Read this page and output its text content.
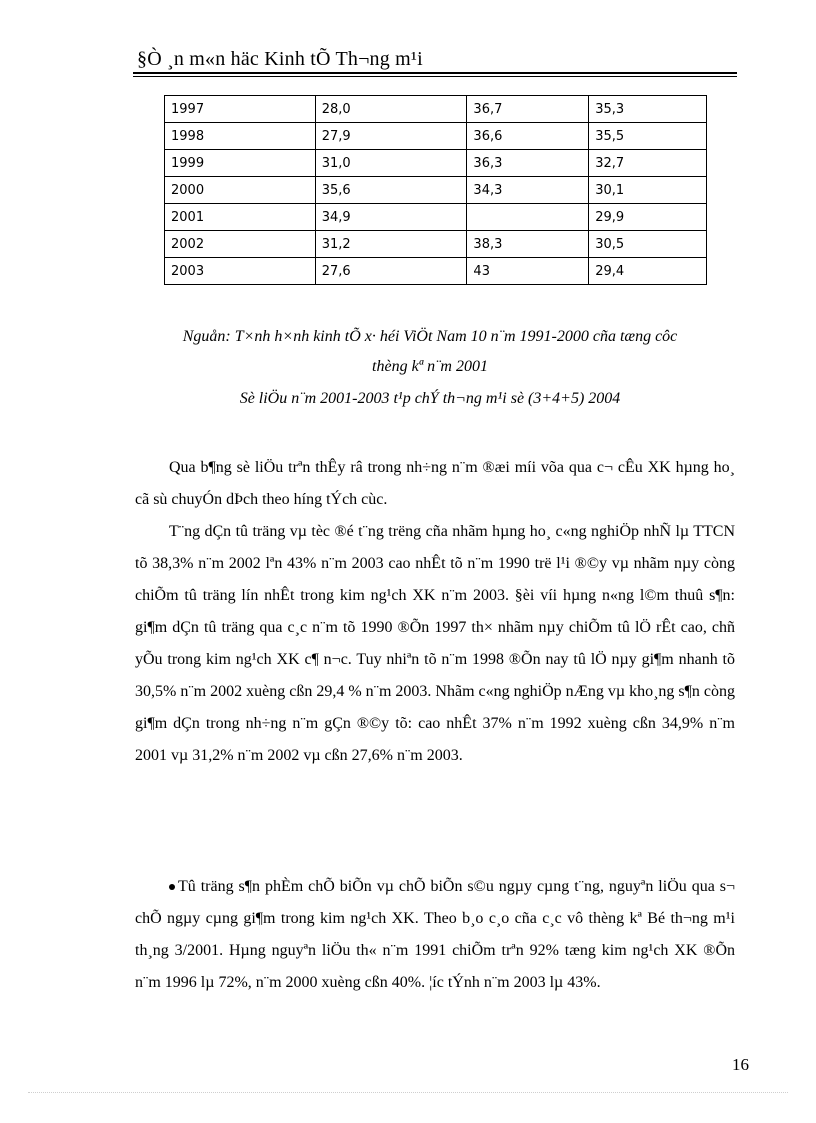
§Ò ¸n m«n häc Kinh tÕ Th¬ng m¹i
1997	28,0	36,7	35,3
1998	27,9	36,6	35,5
1999	31,0	36,3	32,7
2000	35,6	34,3	30,1
2001	34,9		29,9
2002	31,2	38,3	30,5
2003	27,6	43	29,4
Nguån: T×nh h×nh kinh tÕ x· héi ViÖt Nam 10 n¨m 1991-2000 cña tæng côc
thèng kª n¨m 2001
Sè liÖu n¨m 2001-2003 t¹p chÝ th¬ng m¹i sè (3+4+5) 2004

Qua b¶ng sè liÖu trªn thÊy râ trong nh÷ng n¨m ®æi míi võa qua c¬ cÊu XK hµng ho¸ cã sù chuyÓn dÞch theo híng tÝch cùc.

T¨ng dÇn tû träng vµ tèc ®é t¨ng trëng cña nhãm hµng ho¸ c«ng nghiÖp nhÑ lµ TTCN tõ 38,3% n¨m 2002 lªn 43% n¨m 2003 cao nhÊt tõ n¨m 1990 trë l¹i ®©y vµ nhãm nµy còng chiÕm tû träng lín nhÊt trong kim ng¹ch XK n¨m 2003. §èi víi hµng n«ng l©m thuû s¶n: gi¶m dÇn tû träng qua c¸c n¨m tõ 1990 ®Õn 1997 th× nhãm nµy chiÕm tû lÖ rÊt cao, chñ yÕu trong kim ng¹ch XK c¶ n¬c. Tuy nhiªn tõ n¨m 1998 ®Õn nay tû lÖ nµy gi¶m nhanh tõ 30,5% n¨m 2002 xuèng cßn 29,4 % n¨m 2003. Nhãm c«ng nghiÖp nÆng vµ kho¸ng s¶n còng gi¶m dÇn trong nh÷ng n¨m gÇn ®©y tõ: cao nhÊt 37% n¨m 1992 xuèng cßn 34,9% n¨m 2001 vµ 31,2% n¨m 2002 vµ cßn 27,6% n¨m 2003.

Tû träng s¶n phÈm chÕ biÕn vµ chÕ biÕn s©u ngµy cµng t¨ng, nguyªn liÖu qua s¬ chÕ ngµy cµng gi¶m trong kim ng¹ch XK. Theo b¸o c¸o cña c¸c vô thèng kª Bé th¬ng m¹i th¸ng 3/2001. Hµng nguyªn liÖu th« n¨m 1991 chiÕm trªn 92% tæng kim ng¹ch XK ®Õn n¨m 1996 lµ 72%, n¨m 2000 xuèng cßn 40%. ¦íc tÝnh n¨m 2003 lµ 43%.

16
